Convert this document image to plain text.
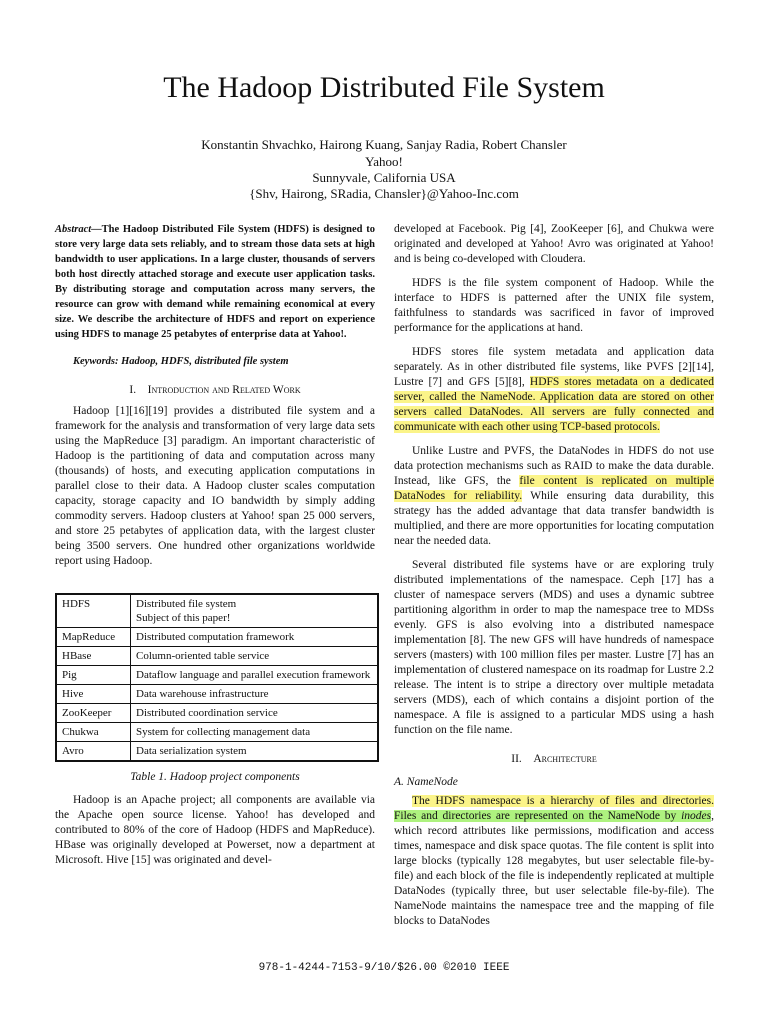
The Hadoop Distributed File System
Konstantin Shvachko, Hairong Kuang, Sanjay Radia, Robert Chansler
Yahoo!
Sunnyvale, California USA
{Shv, Hairong, SRadia, Chansler}@Yahoo-Inc.com

Abstract—The Hadoop Distributed File System (HDFS) is designed to store very large data sets reliably, and to stream those data sets at high bandwidth to user applications. In a large cluster, thousands of servers both host directly attached storage and execute user application tasks. By distributing storage and computation across many servers, the resource can grow with demand while remaining economical at every size. We describe the architecture of HDFS and report on experience using HDFS to manage 25 petabytes of enterprise data at Yahoo!.

Keywords: Hadoop, HDFS, distributed file system

I. Introduction and Related Work

Hadoop [1][16][19] provides a distributed file system and a framework for the analysis and transformation of very large data sets using the MapReduce [3] paradigm. An important characteristic of Hadoop is the partitioning of data and computation across many (thousands) of hosts, and executing application computations in parallel close to their data. A Hadoop cluster scales computation capacity, storage capacity and IO bandwidth by simply adding commodity servers. Hadoop clusters at Yahoo! span 25 000 servers, and store 25 petabytes of application data, with the largest cluster being 3500 servers. One hundred other organizations worldwide report using Hadoop.

HDFS	Distributed file system
Subject of this paper!

MapReduce	Distributed computation framework
HBase	Column-oriented table service
Pig	Dataflow language and parallel execution framework
Hive	Data warehouse infrastructure
ZooKeeper	Distributed coordination service
Chukwa	System for collecting management data
Avro	Data serialization system
Table 1. Hadoop project components

Hadoop is an Apache project; all components are available via the Apache open source license. Yahoo! has developed and contributed to 80% of the core of Hadoop (HDFS and MapReduce). HBase was originally developed at Powerset, now a department at Microsoft. Hive [15] was originated and devel-

developed at Facebook. Pig [4], ZooKeeper [6], and Chukwa were originated and developed at Yahoo! Avro was originated at Yahoo! and is being co-developed with Cloudera.

HDFS is the file system component of Hadoop. While the interface to HDFS is patterned after the UNIX file system, faithfulness to standards was sacrificed in favor of improved performance for the applications at hand.

HDFS stores file system metadata and application data separately. As in other distributed file systems, like PVFS [2][14], Lustre [7] and GFS [5][8], HDFS stores metadata on a dedicated server, called the NameNode. Application data are stored on other servers called DataNodes. All servers are fully connected and communicate with each other using TCP-based protocols.

Unlike Lustre and PVFS, the DataNodes in HDFS do not use data protection mechanisms such as RAID to make the data durable. Instead, like GFS, the file content is replicated on multiple DataNodes for reliability. While ensuring data durability, this strategy has the added advantage that data transfer bandwidth is multiplied, and there are more opportunities for locating computation near the needed data.

Several distributed file systems have or are exploring truly distributed implementations of the namespace. Ceph [17] has a cluster of namespace servers (MDS) and uses a dynamic subtree partitioning algorithm in order to map the namespace tree to MDSs evenly. GFS is also evolving into a distributed namespace implementation [8]. The new GFS will have hundreds of namespace servers (masters) with 100 million files per master. Lustre [7] has an implementation of clustered namespace on its roadmap for Lustre 2.2 release. The intent is to stripe a directory over multiple metadata servers (MDS), each of which contains a disjoint portion of the namespace. A file is assigned to a particular MDS using a hash function on the file name.

II. Architecture
A. NameNode

The HDFS namespace is a hierarchy of files and directories. Files and directories are represented on the NameNode by inodes, which record attributes like permissions, modification and access times, namespace and disk space quotas. The file content is split into large blocks (typically 128 megabytes, but user selectable file-by-file) and each block of the file is independently replicated at multiple DataNodes (typically three, but user selectable file-by-file). The NameNode maintains the namespace tree and the mapping of file blocks to DataNodes

978-1-4244-7153-9/10/$26.00 ©2010 IEEE
